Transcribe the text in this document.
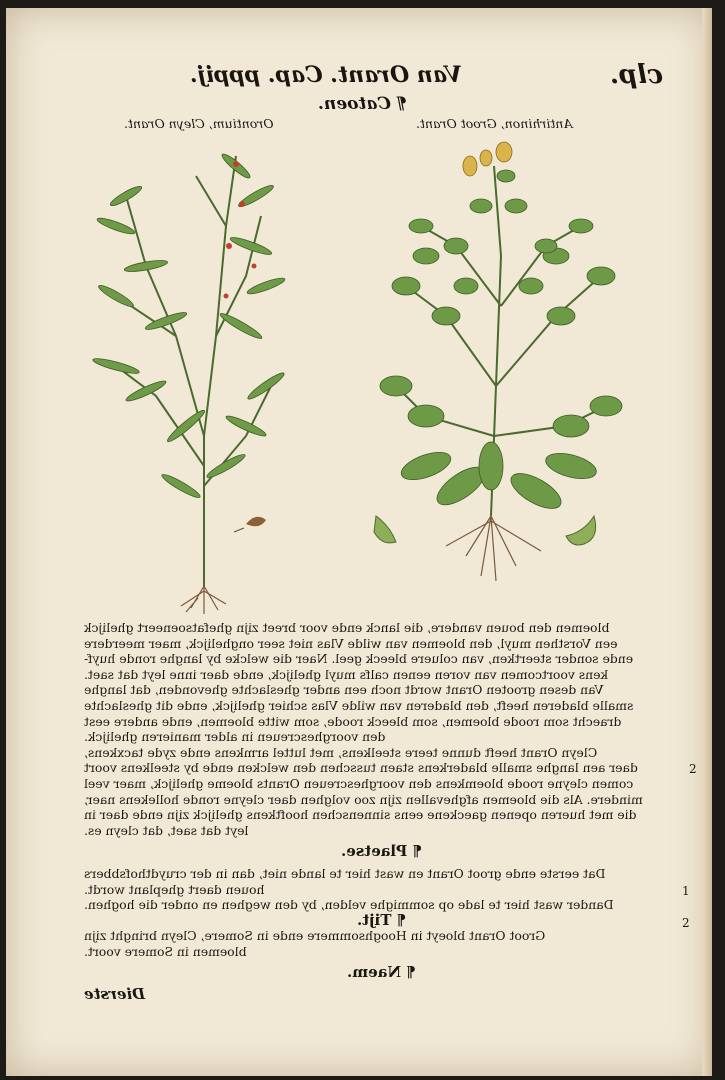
clp.
Van Orant. Cap. pppij.
¶ Catoen.
Antirhinon, Groot Orant.
Orontium, Cleyn Orant.
bloemen den bouen vandere, die lanck ende voor breet zijn ghefatsoeneert ghelijck
een Vorsthen muyl, den bloemen van wilde Vlas niet seer onghelijck, maer meerdere
ende sonder steertken, van coluere bleeck geel. Naer die welcke by langhe ronde huyf-
kens voortcomen van voren eenen calfs muyl ghelijck, ende daer inne leyt dat saet.
Van desen grooten Orant wordt noch een ander gheslachte ghevonden, dat langhe
smalle bladeren heeft, den bladeren van wilde Vlas schier ghelijck, ende dit gheslachte
draecht som roode bloemen, som bleeck roode, som witte bloemen, ende andere eest
den voorghescreuen in alder manieren ghelijck.
Cleyn Orant heeft dunne teere steelkens, met luttel armkens ende zyde tacxkens,
daer aen langhe smalle bladerkens staen tusschen den welcken ende by steelkens voort
comen cleyne roode bloemkens den voorghescreuen Orants bloeme ghelijck, maer veel
mindere. Als die bloemen afghevallen zijn zoo volghen daer cleyne ronde hollekens naer,
die met hueren openen gaeckene eens sinnenschen hooftkens ghelijck zijn ende daer in
leyt dat saet, dat cleyn es.
¶ Plaetse.
Dat eerste ende groot Orant en wast hier te lande niet, dan in der cruydthofsbbers
houen daert gheplant wordt.
Dander wast hier te lade op sommighe velden, by den weghen en onder die hoghen.
¶ Tijt.
Groot Orant bloeyt in Hooghsommere ende in Somere, Cleyn bringht zijn
bloemen in Somere voort.
¶ Naem.
Dierste
2
1
2
